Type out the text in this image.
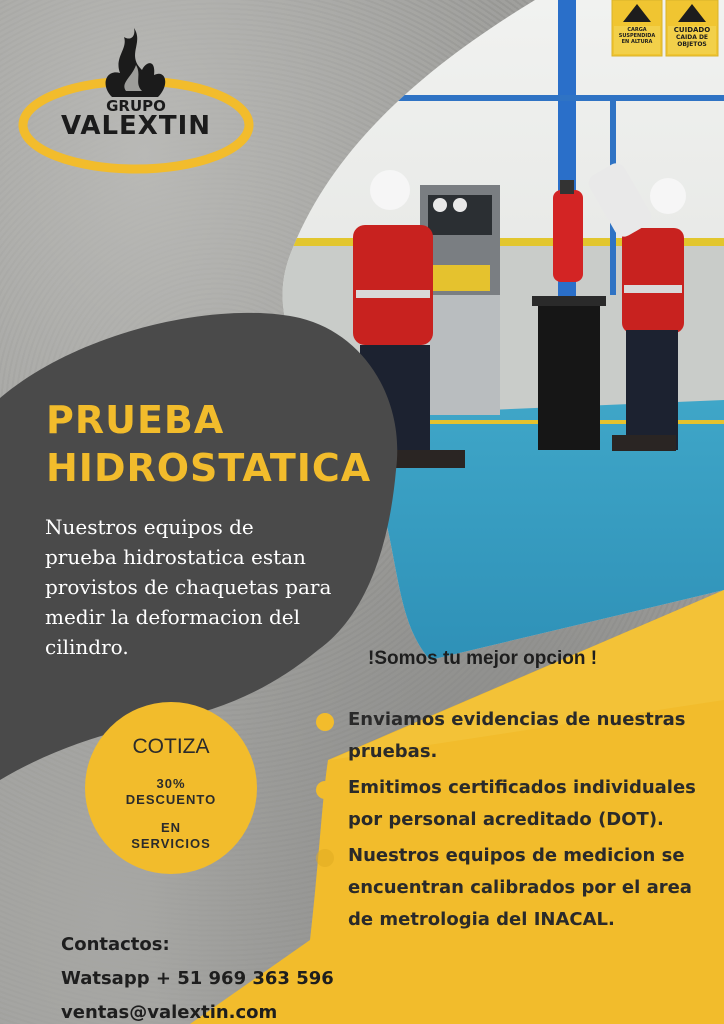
CARGA
SUSPENDIDA
EN ALTURA
CUIDADO
CAIDA DE
OBJETOS
GRUPO
VALEXTIN
PRUEBA
HIDROSTATICA

Nuestros equipos de
prueba hidrostatica estan
provistos de chaquetas para
medir la deformacion del
cilindro.

COTIZA
30%
DESCUENTO
EN
SERVICIOS

!Somos tu mejor opcion !

Enviamos evidencias de nuestras
pruebas.
Emitimos certificados individuales
por personal acreditado (DOT).
Nuestros equipos de medicion se
encuentran calibrados por el area
de metrologia del INACAL.

Contactos:

Watsapp + 51 969 363 596

ventas@valextin.com
